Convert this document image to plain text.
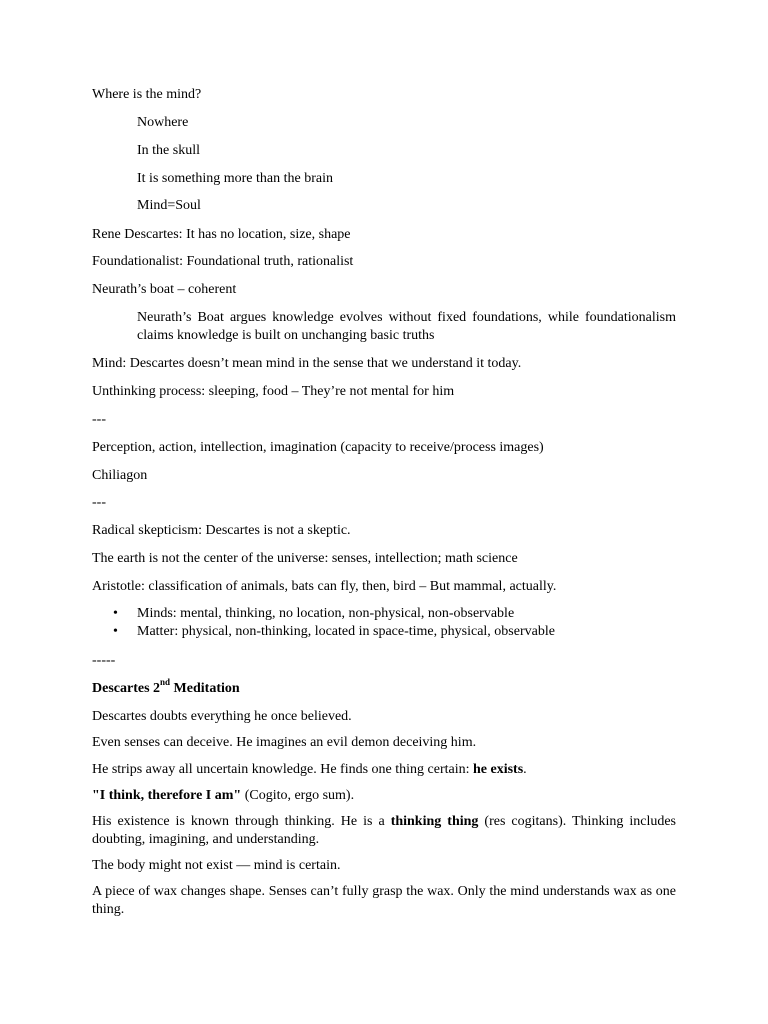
Where is the mind?
Nowhere
In the skull
It is something more than the brain
Mind=Soul
Rene Descartes: It has no location, size, shape
Foundationalist: Foundational truth, rationalist
Neurath’s boat – coherent
Neurath’s Boat argues knowledge evolves without fixed foundations, while foundationalism claims knowledge is built on unchanging basic truths
Mind: Descartes doesn’t mean mind in the sense that we understand it today.
Unthinking process: sleeping, food – They’re not mental for him
---
Perception, action, intellection, imagination (capacity to receive/process images)
Chiliagon
---
Radical skepticism: Descartes is not a skeptic.
The earth is not the center of the universe: senses, intellection; math science
Aristotle: classification of animals, bats can fly, then, bird – But mammal, actually.
• Minds: mental, thinking, no location, non-physical, non-observable
• Matter: physical, non-thinking, located in space-time, physical, observable
-----
Descartes 2nd Meditation
Descartes doubts everything he once believed.
Even senses can deceive. He imagines an evil demon deceiving him.
He strips away all uncertain knowledge. He finds one thing certain: he exists.
"I think, therefore I am" (Cogito, ergo sum).
His existence is known through thinking. He is a thinking thing (res cogitans). Thinking includes doubting, imagining, and understanding.
The body might not exist — mind is certain.
A piece of wax changes shape. Senses can’t fully grasp the wax. Only the mind understands wax as one thing.
